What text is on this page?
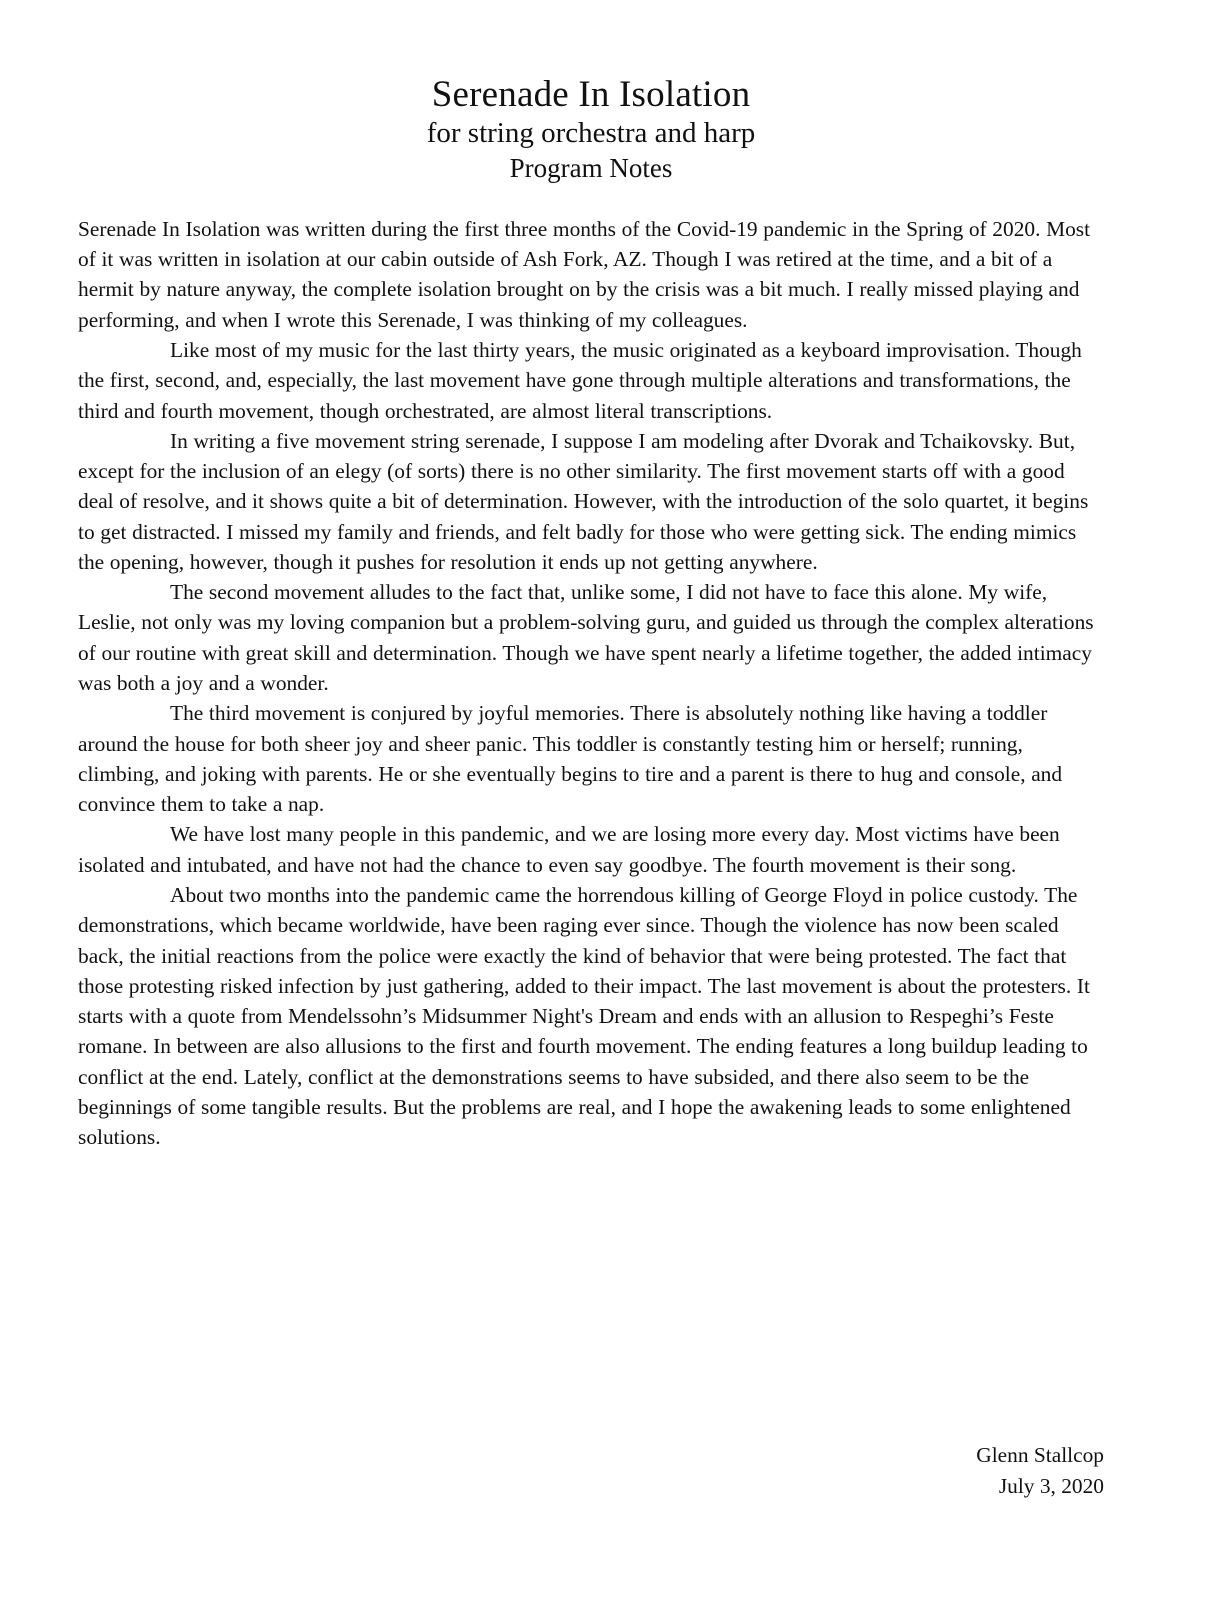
Serenade In Isolation
for string orchestra and harp
Program Notes

Serenade In Isolation was written during the first three months of the Covid-19 pandemic in the Spring of 2020. Most of it was written in isolation at our cabin outside of Ash Fork, AZ. Though I was retired at the time, and a bit of a hermit by nature anyway, the complete isolation brought on by the crisis was a bit much. I really missed playing and performing, and when I wrote this Serenade, I was thinking of my colleagues.

Like most of my music for the last thirty years, the music originated as a keyboard improvisation. Though the first, second, and, especially, the last movement have gone through multiple alterations and transformations, the third and fourth movement, though orchestrated, are almost literal transcriptions.

In writing a five movement string serenade, I suppose I am modeling after Dvorak and Tchaikovsky. But, except for the inclusion of an elegy (of sorts) there is no other similarity. The first movement starts off with a good deal of resolve, and it shows quite a bit of determination. However, with the introduction of the solo quartet, it begins to get distracted. I missed my family and friends, and felt badly for those who were getting sick. The ending mimics the opening, however, though it pushes for resolution it ends up not getting anywhere.

The second movement alludes to the fact that, unlike some, I did not have to face this alone. My wife, Leslie, not only was my loving companion but a problem-solving guru, and guided us through the complex alterations of our routine with great skill and determination. Though we have spent nearly a lifetime together, the added intimacy was both a joy and a wonder.

The third movement is conjured by joyful memories. There is absolutely nothing like having a toddler around the house for both sheer joy and sheer panic. This toddler is constantly testing him or herself; running, climbing, and joking with parents. He or she eventually begins to tire and a parent is there to hug and console, and convince them to take a nap.

We have lost many people in this pandemic, and we are losing more every day. Most victims have been isolated and intubated, and have not had the chance to even say goodbye. The fourth movement is their song.

About two months into the pandemic came the horrendous killing of George Floyd in police custody. The demonstrations, which became worldwide, have been raging ever since. Though the violence has now been scaled back, the initial reactions from the police were exactly the kind of behavior that were being protested. The fact that those protesting risked infection by just gathering, added to their impact. The last movement is about the protesters. It starts with a quote from Mendelssohn’s Midsummer Night's Dream and ends with an allusion to Respeghi’s Feste romane. In between are also allusions to the first and fourth movement. The ending features a long buildup leading to conflict at the end. Lately, conflict at the demonstrations seems to have subsided, and there also seem to be the beginnings of some tangible results. But the problems are real, and I hope the awakening leads to some enlightened solutions.

Glenn Stallcop
July 3, 2020
